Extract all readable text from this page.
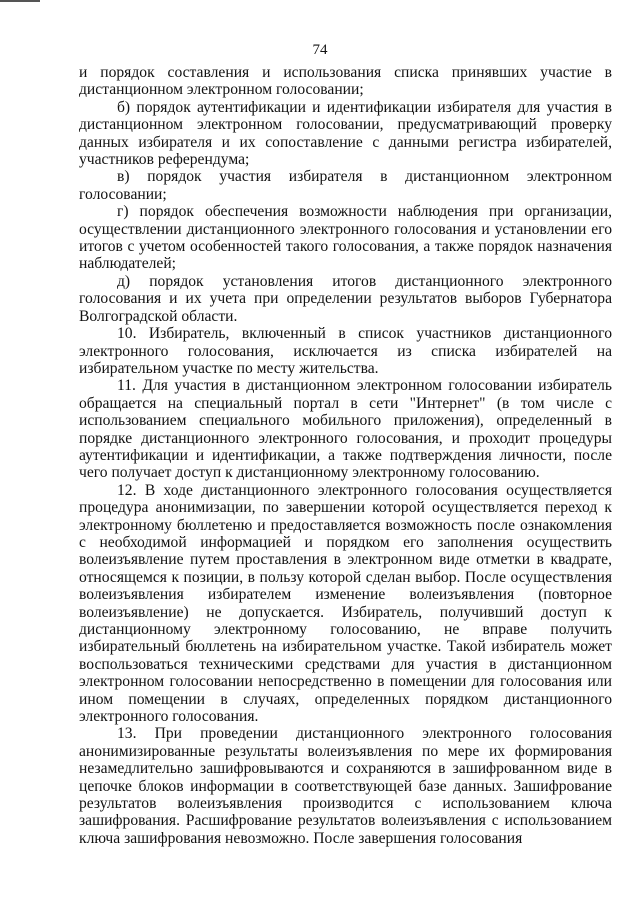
74

и порядок составления и использования списка принявших участие в дистанционном электронном голосовании;

б) порядок аутентификации и идентификации избирателя для участия в дистанционном электронном голосовании, предусматривающий проверку данных избирателя и их сопоставление с данными регистра избирателей, участников референдума;

в) порядок участия избирателя в дистанционном электронном голосовании;

г) порядок обеспечения возможности наблюдения при организации, осуществлении дистанционного электронного голосования и установлении его итогов с учетом особенностей такого голосования, а также порядок назначения наблюдателей;

д) порядок установления итогов дистанционного электронного голосования и их учета при определении результатов выборов Губернатора Волгоградской области.

10. Избиратель, включенный в список участников дистанционного электронного голосования, исключается из списка избирателей на избирательном участке по месту жительства.

11. Для участия в дистанционном электронном голосовании избиратель обращается на специальный портал в сети "Интернет" (в том числе с использованием специального мобильного приложения), определенный в порядке дистанционного электронного голосования, и проходит процедуры аутентификации и идентификации, а также подтверждения личности, после чего получает доступ к дистанционному электронному голосованию.

12. В ходе дистанционного электронного голосования осуществляется процедура анонимизации, по завершении которой осуществляется переход к электронному бюллетеню и предоставляется возможность после ознакомления с необходимой информацией и порядком его заполнения осуществить волеизъявление путем проставления в электронном виде отметки в квадрате, относящемся к позиции, в пользу которой сделан выбор. После осуществления волеизъявления избирателем изменение волеизъявления (повторное волеизъявление) не допускается. Избиратель, получивший доступ к дистанционному электронному голосованию, не вправе получить избирательный бюллетень на избирательном участке. Такой избиратель может воспользоваться техническими средствами для участия в дистанционном электронном голосовании непосредственно в помещении для голосования или ином помещении в случаях, определенных порядком дистанционного электронного голосования.

13. При проведении дистанционного электронного голосования анонимизированные результаты волеизъявления по мере их формирования незамедлительно зашифровываются и сохраняются в зашифрованном виде в цепочке блоков информации в соответствующей базе данных. Зашифрование результатов волеизъявления производится с использованием ключа зашифрования. Расшифрование результатов волеизъявления с использованием ключа зашифрования невозможно. После завершения голосования
